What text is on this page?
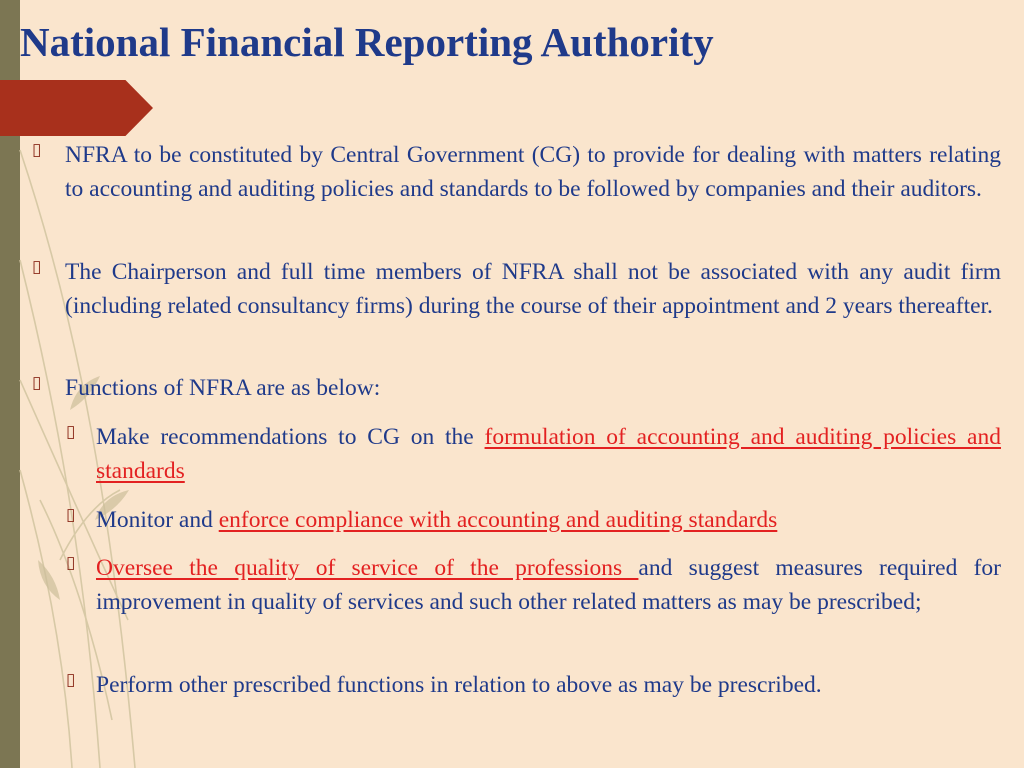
National Financial Reporting Authority

▯ NFRA to be constituted by Central Government (CG) to provide for dealing with matters relating to accounting and auditing policies and standards to be followed by companies and their auditors.

▯ The Chairperson and full time members of NFRA shall not be associated with any audit firm (including related consultancy firms) during the course of their appointment and 2 years thereafter.

▯ Functions of NFRA are as below:

▯ Make recommendations to CG on the formulation of accounting and auditing policies and standards

▯ Monitor and enforce compliance with accounting and auditing standards

▯ Oversee the quality of service of the professions and suggest measures required for improvement in quality of services and such other related matters as may be prescribed;

▯ Perform other prescribed functions in relation to above as may be prescribed.
